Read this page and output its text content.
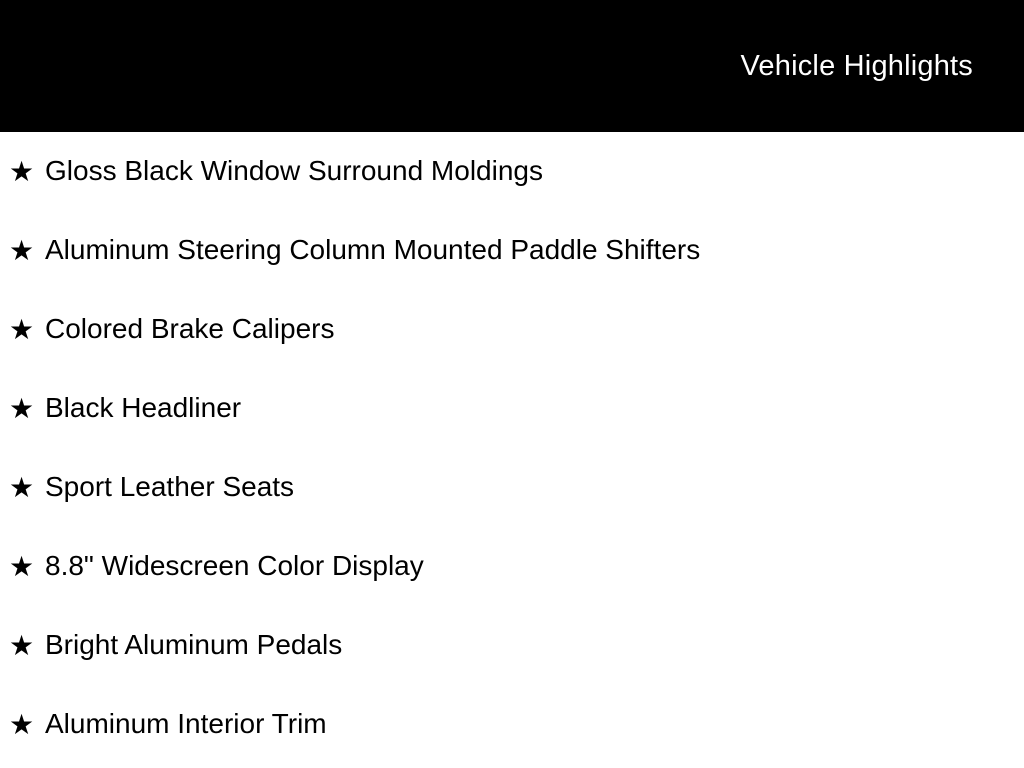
Vehicle Highlights
★ Gloss Black Window Surround Moldings
★ Aluminum Steering Column Mounted Paddle Shifters
★ Colored Brake Calipers
★ Black Headliner
★ Sport Leather Seats
★ 8.8" Widescreen Color Display
★ Bright Aluminum Pedals
★ Aluminum Interior Trim
